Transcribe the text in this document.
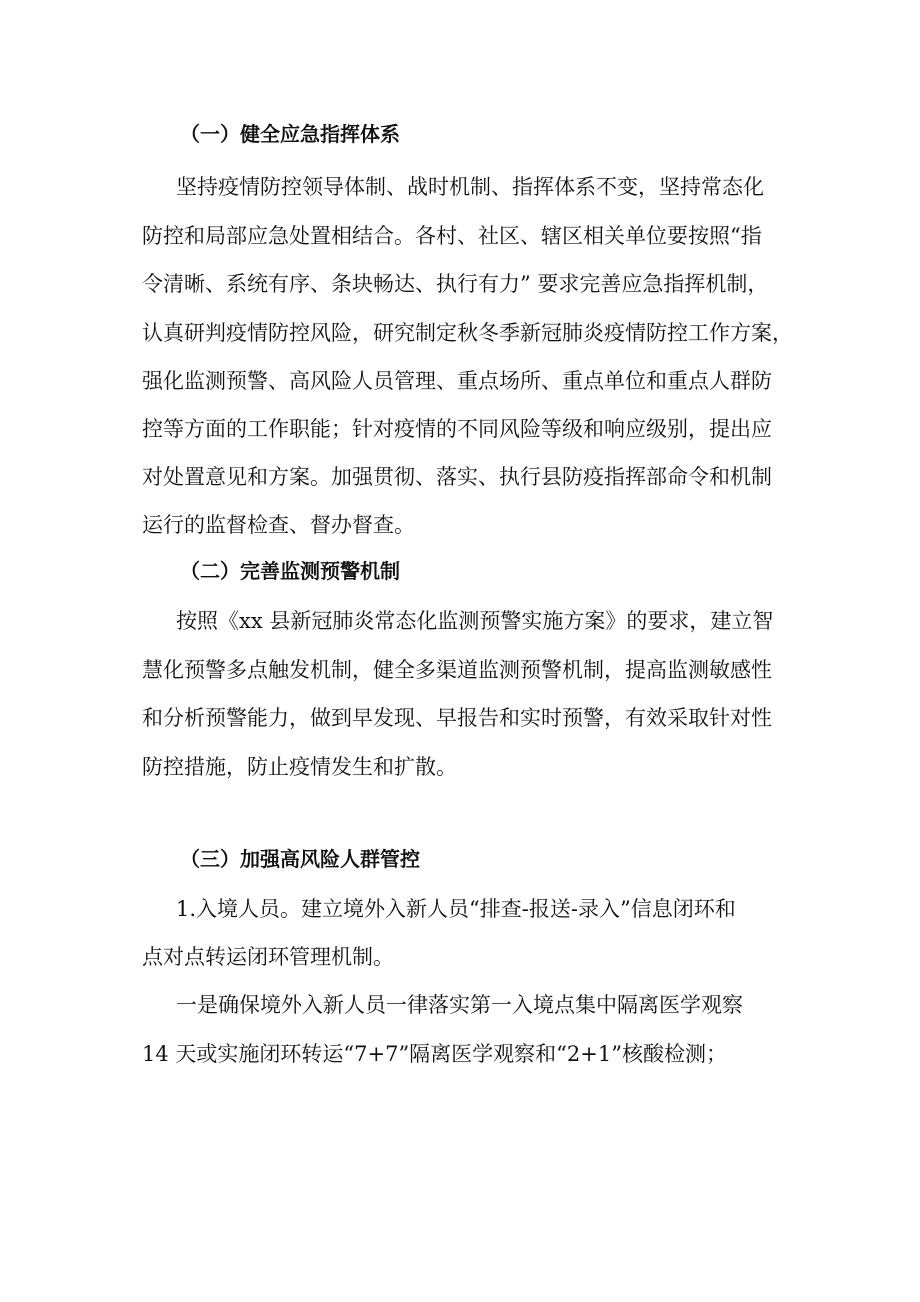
（一）健全应急指挥体系
坚持疫情防控领导体制、战时机制、指挥体系不变，坚持常态化
防控和局部应急处置相结合。各村、社区、辖区相关单位要按照“指
令清晰、系统有序、条块畅达、执行有力” 要求完善应急指挥机制，
认真研判疫情防控风险，研究制定秋冬季新冠肺炎疫情防控工作方案，
强化监测预警、高风险人员管理、重点场所、重点单位和重点人群防
控等方面的工作职能；针对疫情的不同风险等级和响应级别，提出应
对处置意见和方案。加强贯彻、落实、执行县防疫指挥部命令和机制
运行的监督检查、督办督查。
（二）完善监测预警机制
按照《xx 县新冠肺炎常态化监测预警实施方案》的要求，建立智
慧化预警多点触发机制，健全多渠道监测预警机制，提高监测敏感性
和分析预警能力，做到早发现、早报告和实时预警，有效采取针对性
防控措施，防止疫情发生和扩散。
（三）加强高风险人群管控
1.入境人员。建立境外入新人员“排查-报送-录入”信息闭环和
点对点转运闭环管理机制。
一是确保境外入新人员一律落实第一入境点集中隔离医学观察
14 天或实施闭环转运“7+7”隔离医学观察和“2+1”核酸检测；
